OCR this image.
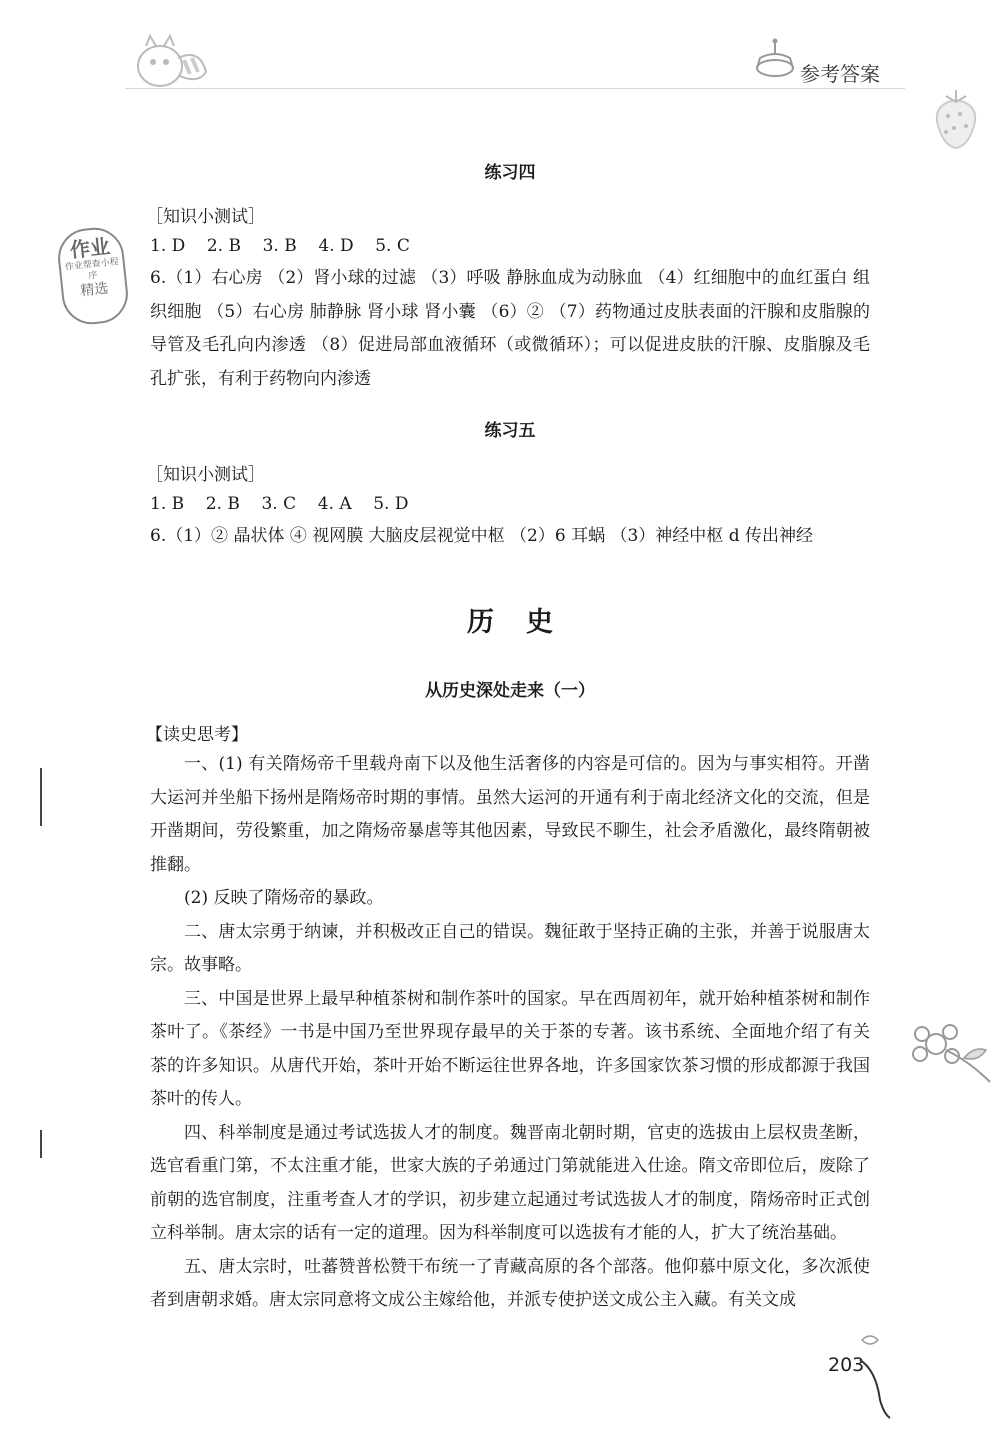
参考答案
作业
作业帮查小程序
精选
练习四
［知识小测试］
1. D    2. B    3. B    4. D    5. C

6.（1）右心房 （2）肾小球的过滤 （3）呼吸 静脉血成为动脉血 （4）红细胞中的血红蛋白 组织细胞 （5）右心房 肺静脉 肾小球 肾小囊 （6）② （7）药物通过皮肤表面的汗腺和皮脂腺的导管及毛孔向内渗透 （8）促进局部血液循环（或微循环）；可以促进皮肤的汗腺、皮脂腺及毛孔扩张，有利于药物向内渗透

练习五
［知识小测试］
1. B    2. B    3. C    4. A    5. D

6.（1）② 晶状体 ④ 视网膜 大脑皮层视觉中枢 （2）6 耳蜗 （3）神经中枢 d 传出神经

历史
从历史深处走来（一）
【读史思考】

一、(1) 有关隋炀帝千里载舟南下以及他生活奢侈的内容是可信的。因为与事实相符。开凿大运河并坐船下扬州是隋炀帝时期的事情。虽然大运河的开通有利于南北经济文化的交流，但是开凿期间，劳役繁重，加之隋炀帝暴虐等其他因素，导致民不聊生，社会矛盾激化，最终隋朝被推翻。

(2) 反映了隋炀帝的暴政。

二、唐太宗勇于纳谏，并积极改正自己的错误。魏征敢于坚持正确的主张，并善于说服唐太宗。故事略。

三、中国是世界上最早种植茶树和制作茶叶的国家。早在西周初年，就开始种植茶树和制作茶叶了。《茶经》一书是中国乃至世界现存最早的关于茶的专著。该书系统、全面地介绍了有关茶的许多知识。从唐代开始，茶叶开始不断运往世界各地，许多国家饮茶习惯的形成都源于我国茶叶的传人。

四、科举制度是通过考试选拔人才的制度。魏晋南北朝时期，官吏的选拔由上层权贵垄断，选官看重门第，不太注重才能，世家大族的子弟通过门第就能进入仕途。隋文帝即位后，废除了前朝的选官制度，注重考查人才的学识，初步建立起通过考试选拔人才的制度，隋炀帝时正式创立科举制。唐太宗的话有一定的道理。因为科举制度可以选拔有才能的人，扩大了统治基础。

五、唐太宗时，吐蕃赞普松赞干布统一了青藏高原的各个部落。他仰慕中原文化，多次派使者到唐朝求婚。唐太宗同意将文成公主嫁给他，并派专使护送文成公主入藏。有关文成

203
